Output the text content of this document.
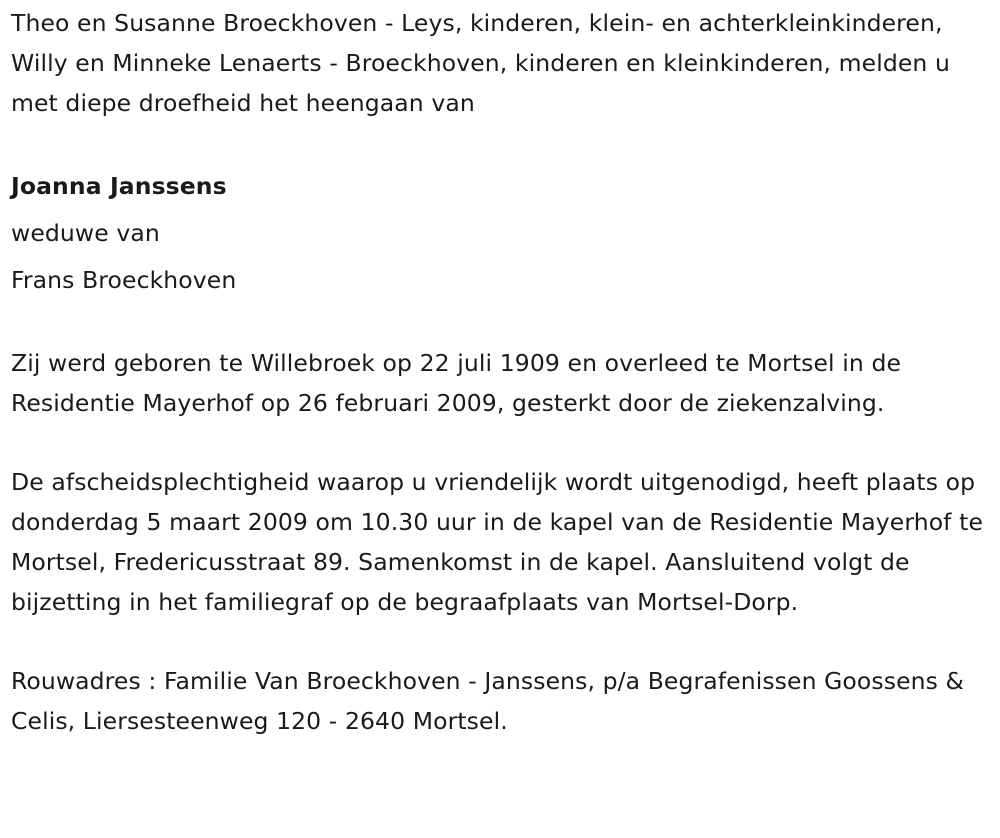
Theo en Susanne Broeckhoven - Leys, kinderen, klein- en achterkleinkinderen, Willy en Minneke Lenaerts - Broeckhoven, kinderen en kleinkinderen, melden u met diepe droefheid het heengaan van

Joanna Janssens
weduwe van
Frans Broeckhoven

Zij werd geboren te Willebroek op 22 juli 1909 en overleed te Mortsel in de Residentie Mayerhof op 26 februari 2009, gesterkt door de ziekenzalving.

De afscheidsplechtigheid waarop u vriendelijk wordt uitgenodigd, heeft plaats op donderdag 5 maart 2009 om 10.30 uur in de kapel van de Residentie Mayerhof te Mortsel, Fredericusstraat 89. Samenkomst in de kapel. Aansluitend volgt de bijzetting in het familiegraf op de begraafplaats van Mortsel-Dorp.

Rouwadres : Familie Van Broeckhoven - Janssens, p/a Begrafenissen Goossens & Celis, Liersesteenweg 120 - 2640 Mortsel.
